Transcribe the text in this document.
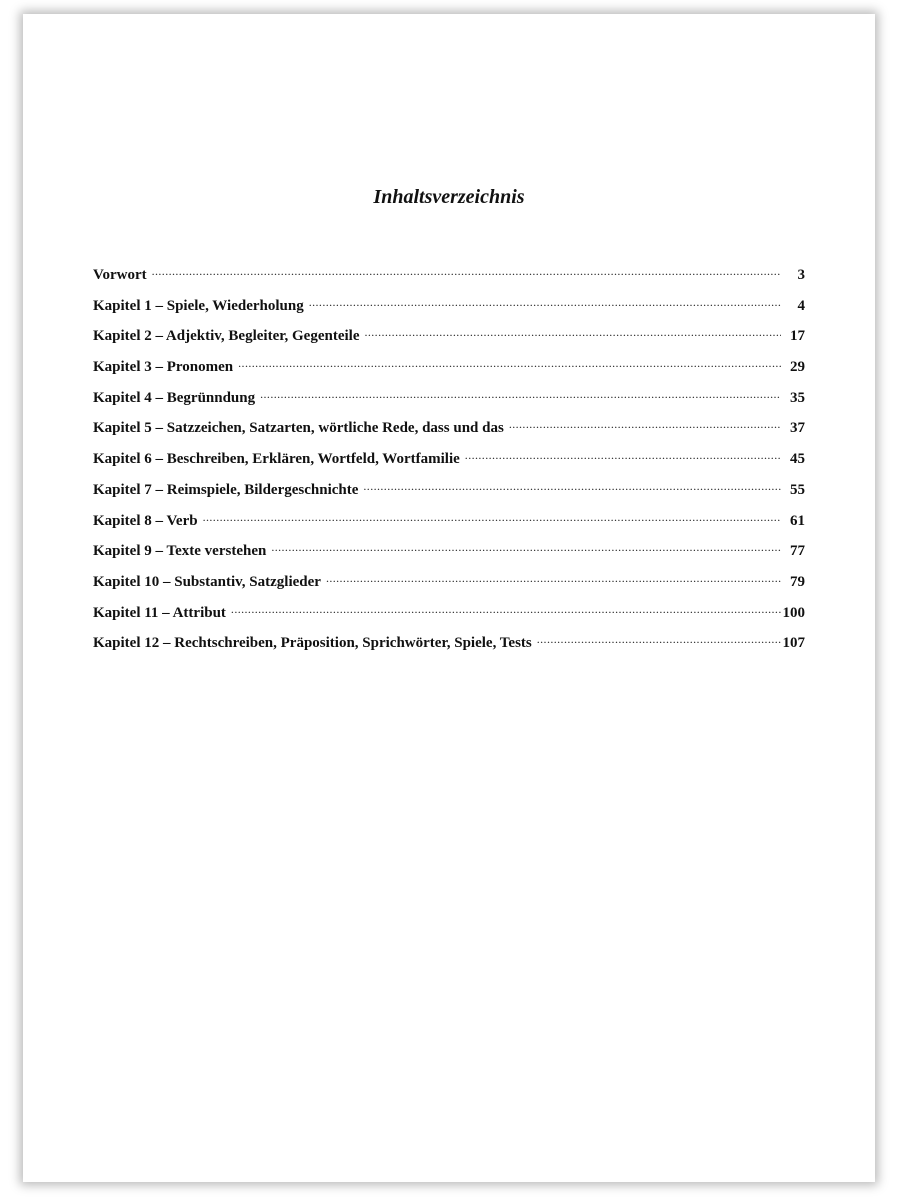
Inhaltsverzeichnis
Vorwort .....	3
Kapitel 1 – Spiele, Wiederholung .....	4
Kapitel 2 – Adjektiv, Begleiter, Gegenteile .....	17
Kapitel 3 – Pronomen .....	29
Kapitel 4 – Begrünndung .....	35
Kapitel 5 – Satzzeichen, Satzarten, wörtliche Rede, dass und das .....	37
Kapitel 6 – Beschreiben, Erklären, Wortfeld, Wortfamilie .....	45
Kapitel 7 – Reimspiele, Bildergeschnichte .....	55
Kapitel 8 – Verb .....	61
Kapitel 9 – Texte verstehen .....	77
Kapitel 10 – Substantiv, Satzglieder .....	79
Kapitel 11 – Attribut .....	100
Kapitel 12 – Rechtschreiben, Präposition, Sprichwörter, Spiele, Tests .....	107
